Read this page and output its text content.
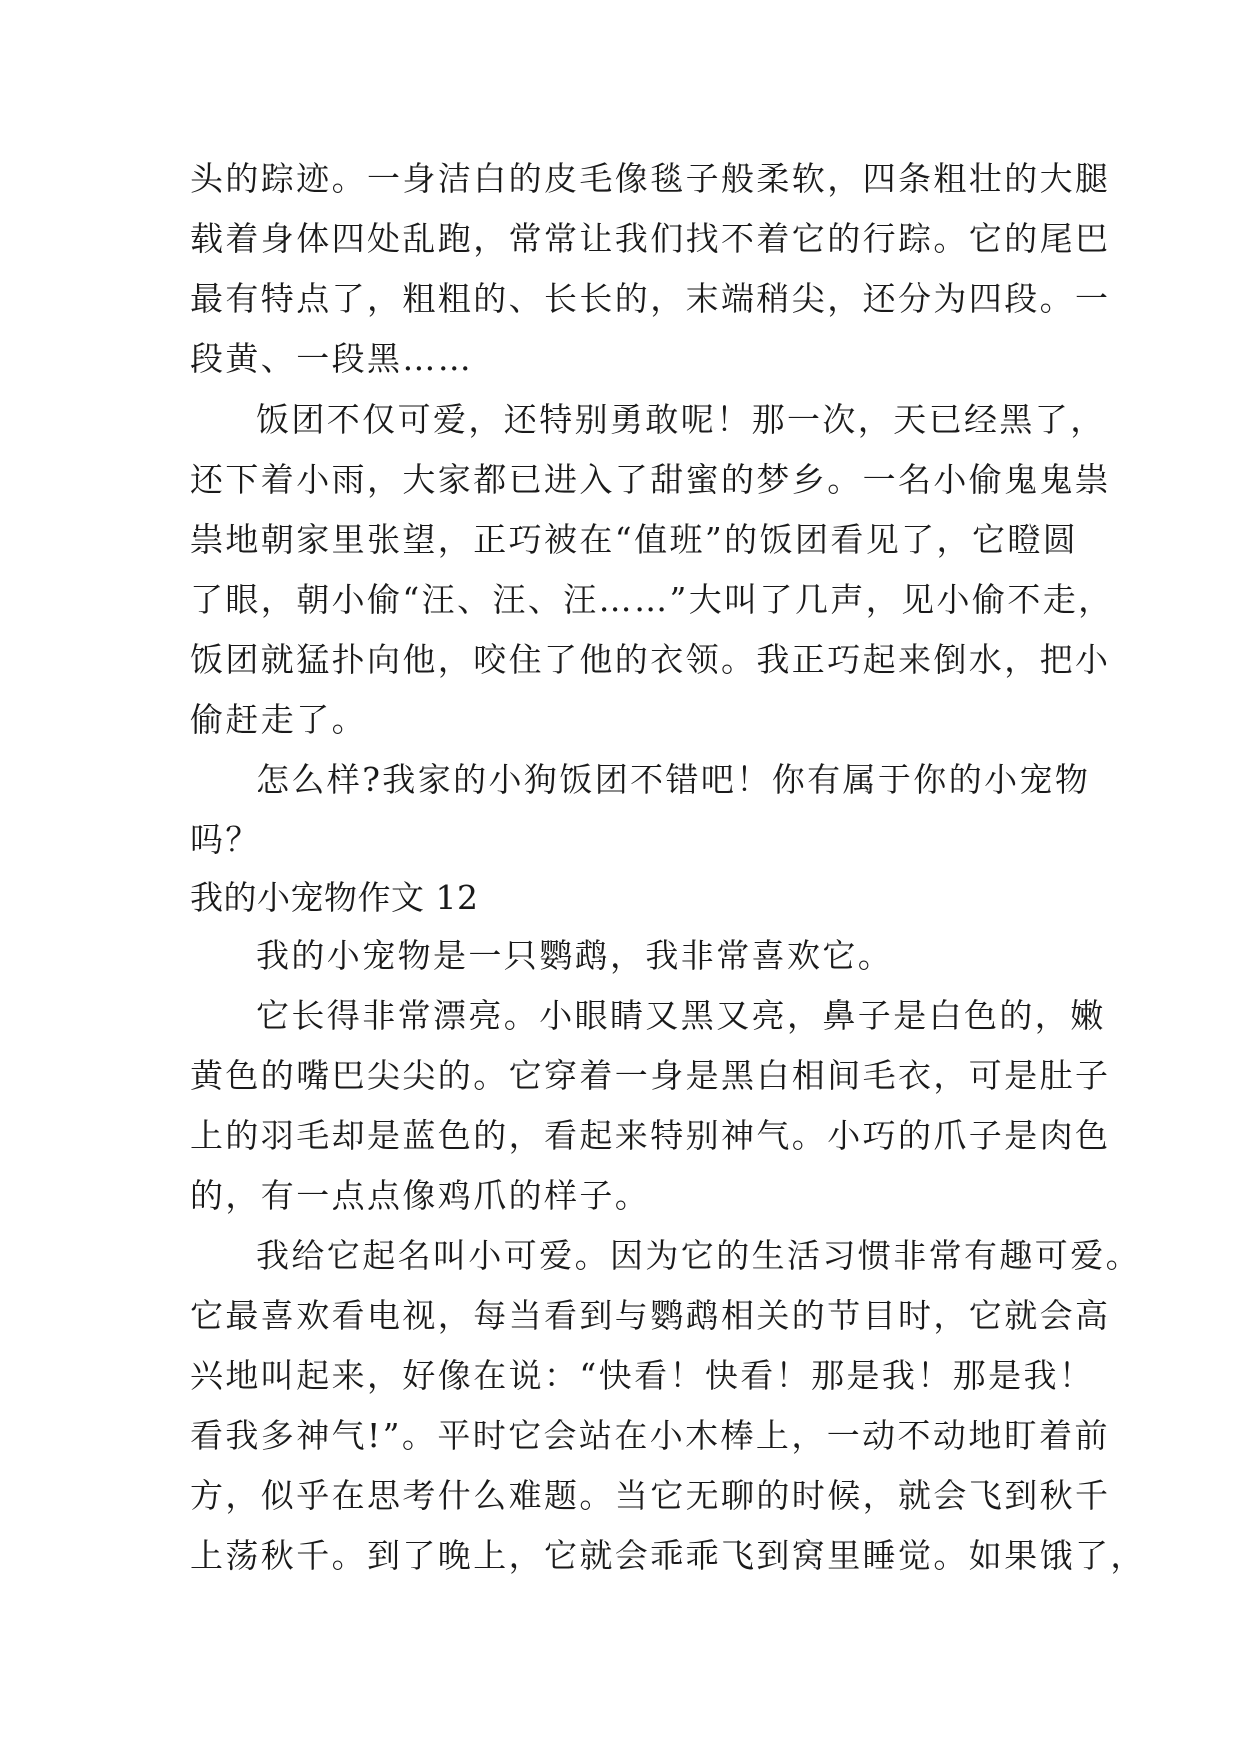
头的踪迹。一身洁白的皮毛像毯子般柔软，四条粗壮的大腿
载着身体四处乱跑，常常让我们找不着它的行踪。它的尾巴
最有特点了，粗粗的、长长的，末端稍尖，还分为四段。一
段黄、一段黑……
饭团不仅可爱，还特别勇敢呢！那一次，天已经黑了，
还下着小雨，大家都已进入了甜蜜的梦乡。一名小偷鬼鬼祟
祟地朝家里张望，正巧被在“值班”的饭团看见了，它瞪圆
了眼，朝小偷“汪、汪、汪……”大叫了几声，见小偷不走，
饭团就猛扑向他，咬住了他的衣领。我正巧起来倒水，把小
偷赶走了。
怎么样?我家的小狗饭团不错吧！你有属于你的小宠物
吗？
我的小宠物作文 12
我的小宠物是一只鹦鹉，我非常喜欢它。
它长得非常漂亮。小眼睛又黑又亮，鼻子是白色的，嫩
黄色的嘴巴尖尖的。它穿着一身是黑白相间毛衣，可是肚子
上的羽毛却是蓝色的，看起来特别神气。小巧的爪子是肉色
的，有一点点像鸡爪的样子。
我给它起名叫小可爱。因为它的生活习惯非常有趣可爱。
它最喜欢看电视，每当看到与鹦鹉相关的节目时，它就会高
兴地叫起来，好像在说：“快看！快看！那是我！那是我！
看我多神气!”。平时它会站在小木棒上，一动不动地盯着前
方，似乎在思考什么难题。当它无聊的时候，就会飞到秋千
上荡秋千。到了晚上，它就会乖乖飞到窝里睡觉。如果饿了，
